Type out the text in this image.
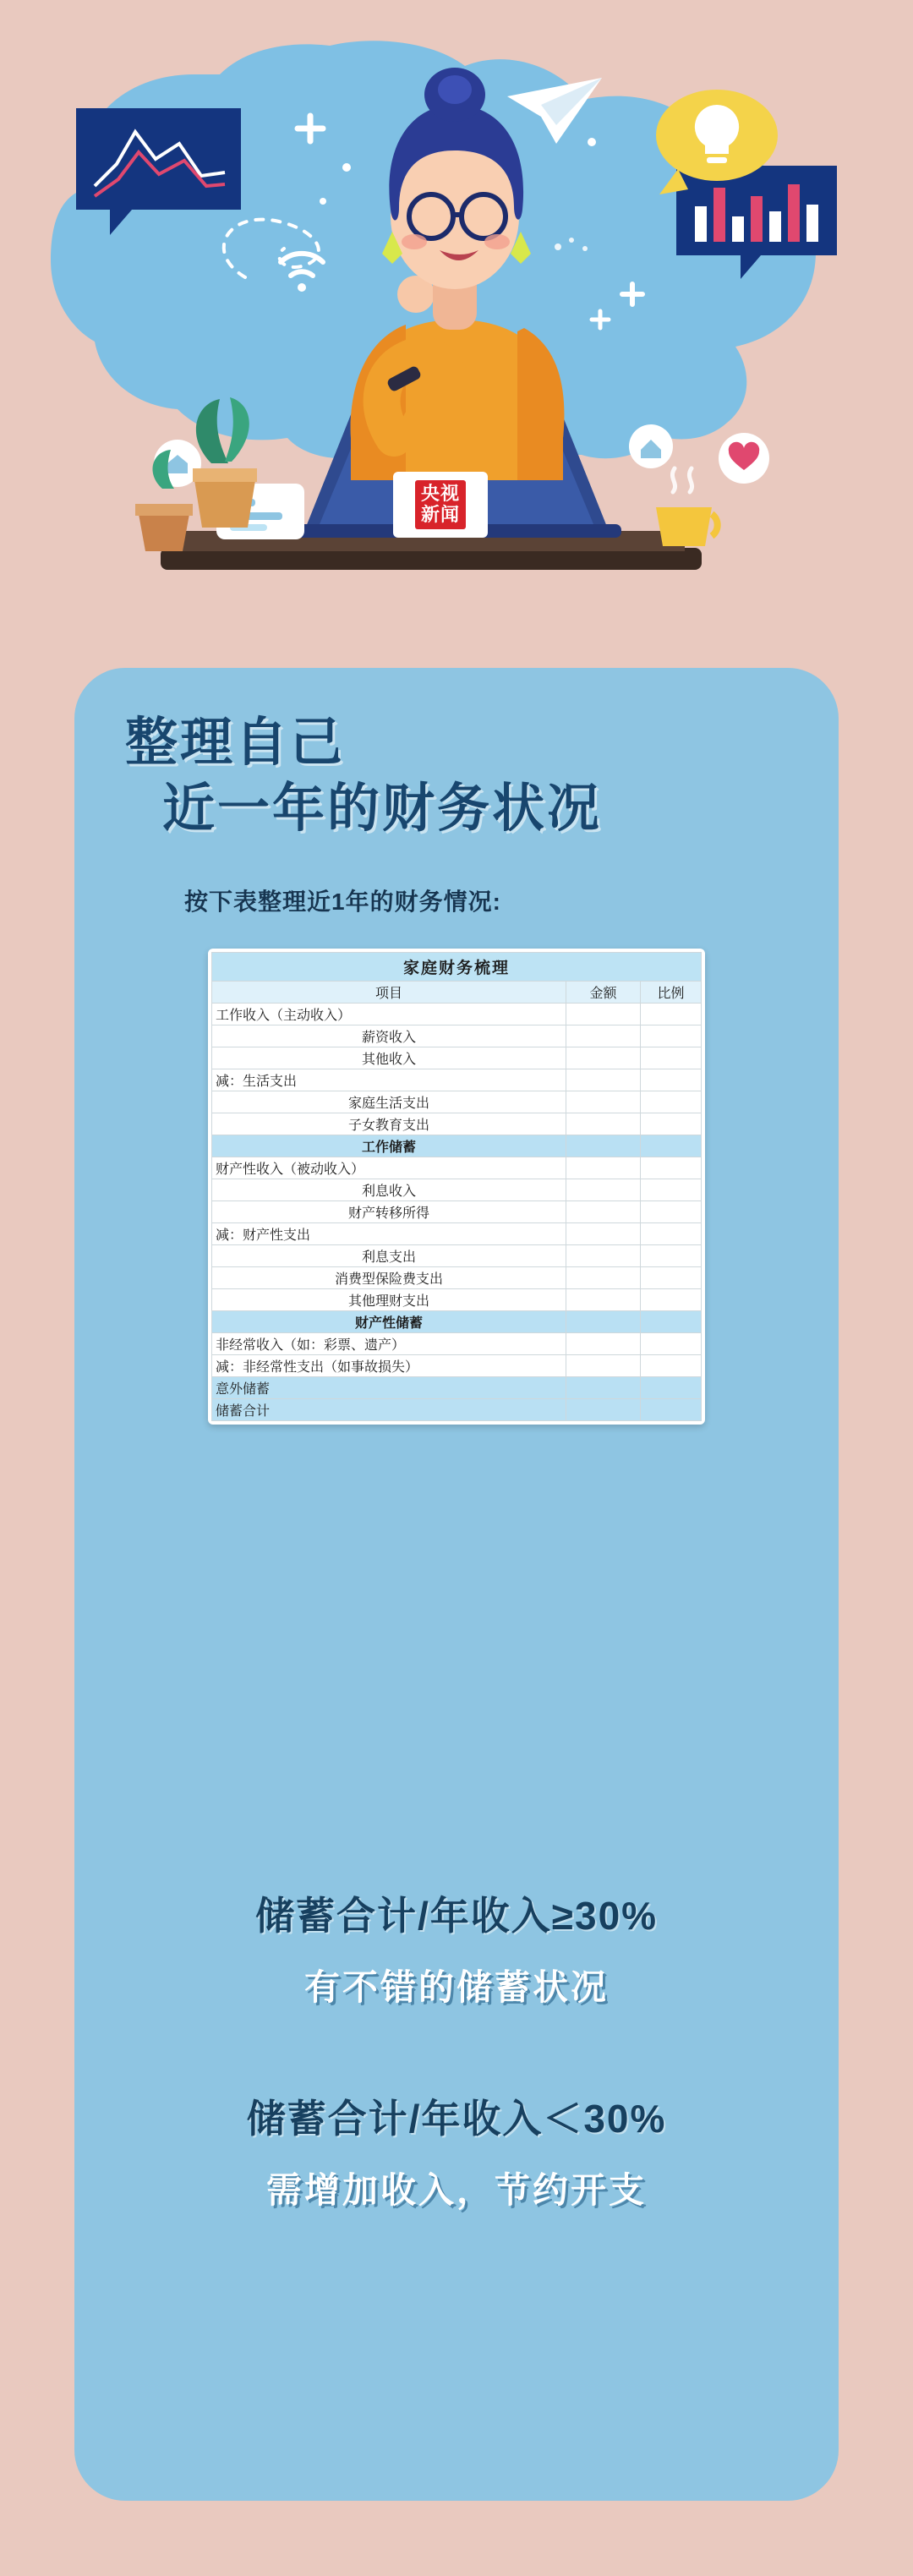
央视
新闻
整理自己
近一年的财务状况
按下表整理近1年的财务情况:
家庭财务梳理		
项目	金额	比例
工作收入（主动收入）		
薪资收入		
其他收入		
减：生活支出		
家庭生活支出		
子女教育支出		
工作储蓄		
财产性收入（被动收入）		
利息收入		
财产转移所得		
减：财产性支出		
利息支出		
消费型保险费支出		
其他理财支出		
财产性储蓄		
非经常收入（如：彩票、遗产）		
减：非经常性支出（如事故损失）		
意外储蓄		
储蓄合计		
储蓄合计/年收入≥30%
有不错的储蓄状况
储蓄合计/年收入＜30%
需增加收入，节约开支
